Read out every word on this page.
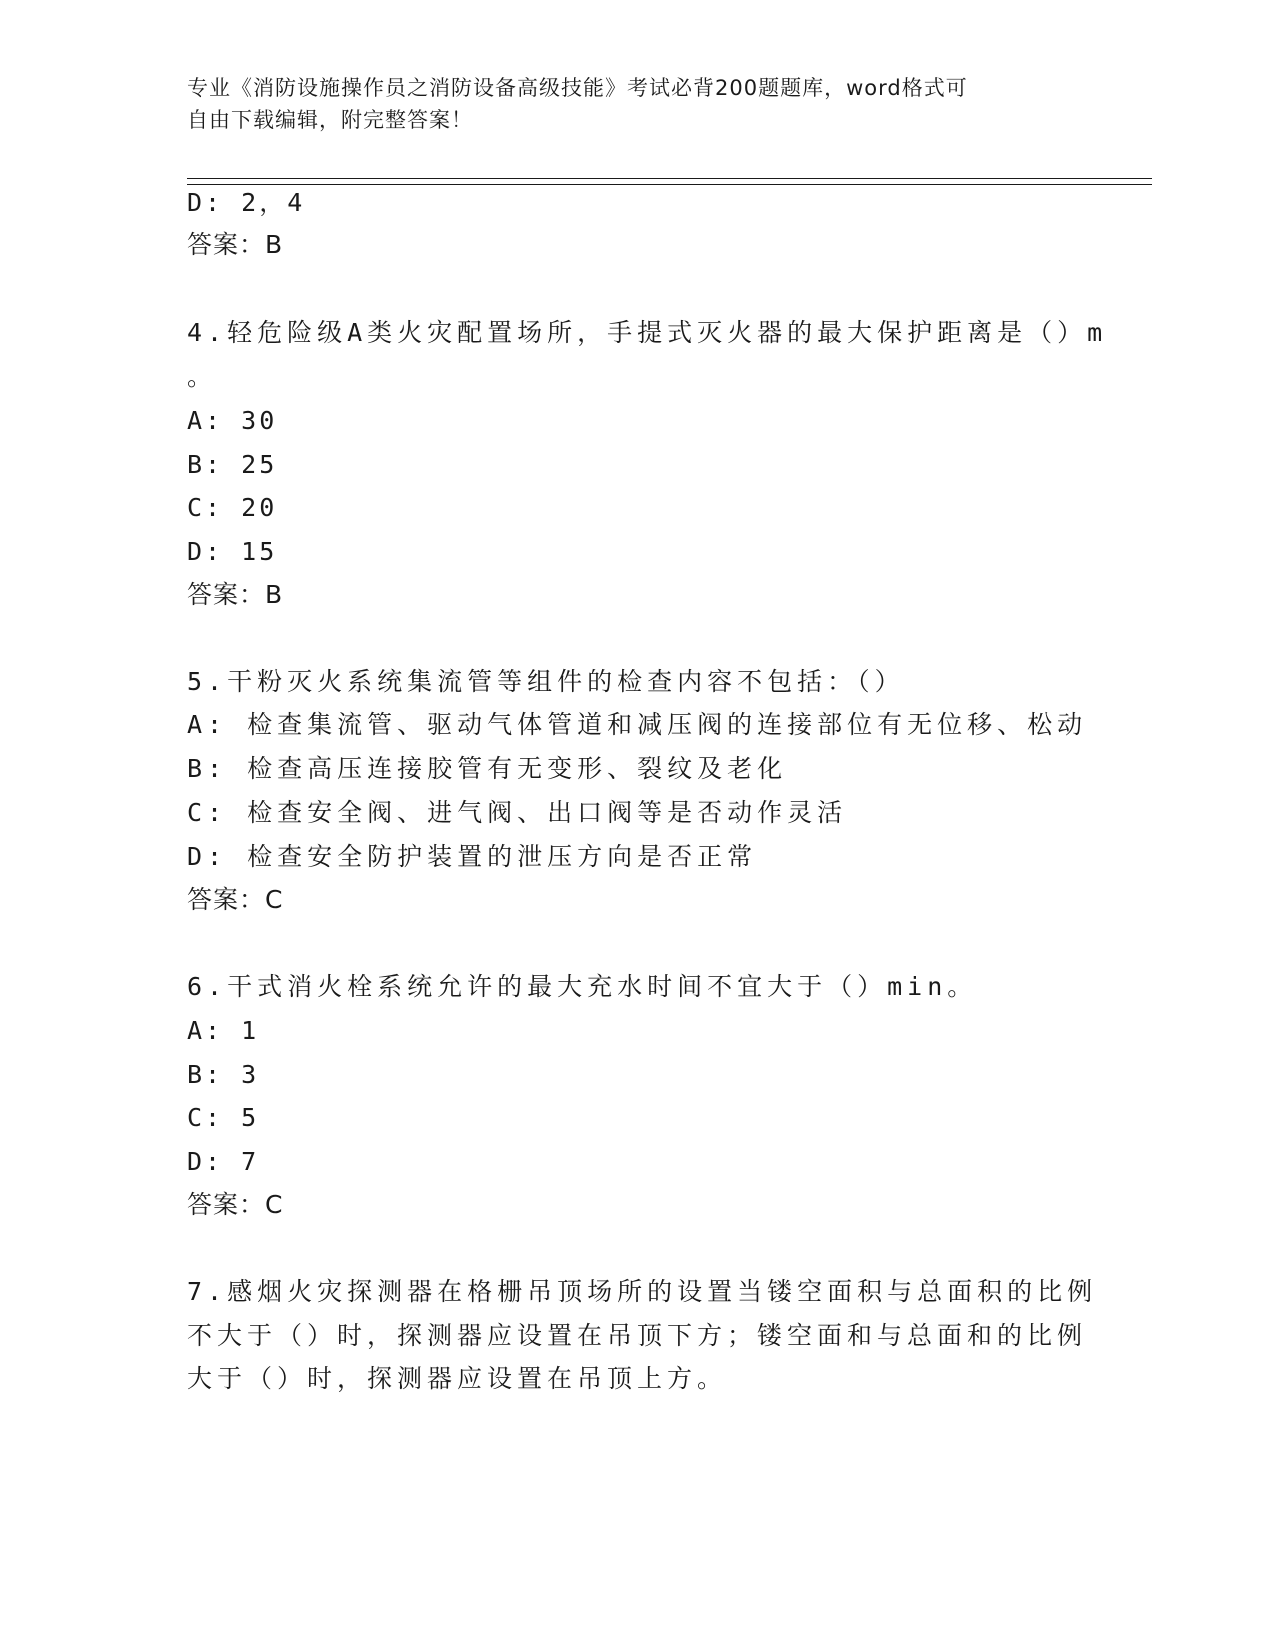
专业《消防设施操作员之消防设备高级技能》考试必背200题题库，word格式可
自由下载编辑，附完整答案！
D: 2，4
答案：B
4.轻危险级A类火灾配置场所，手提式灭火器的最大保护距离是（）m
。
A: 30
B: 25
C: 20
D: 15
答案：B
5.干粉灭火系统集流管等组件的检查内容不包括：（）
A: 检查集流管、驱动气体管道和减压阀的连接部位有无位移、松动
B: 检查高压连接胶管有无变形、裂纹及老化
C: 检查安全阀、进气阀、出口阀等是否动作灵活
D: 检查安全防护装置的泄压方向是否正常
答案：C
6.干式消火栓系统允许的最大充水时间不宜大于（）min。
A: 1
B: 3
C: 5
D: 7
答案：C
7.感烟火灾探测器在格栅吊顶场所的设置当镂空面积与总面积的比例
不大于（）时，探测器应设置在吊顶下方；镂空面和与总面和的比例
大于（）时，探测器应设置在吊顶上方。
